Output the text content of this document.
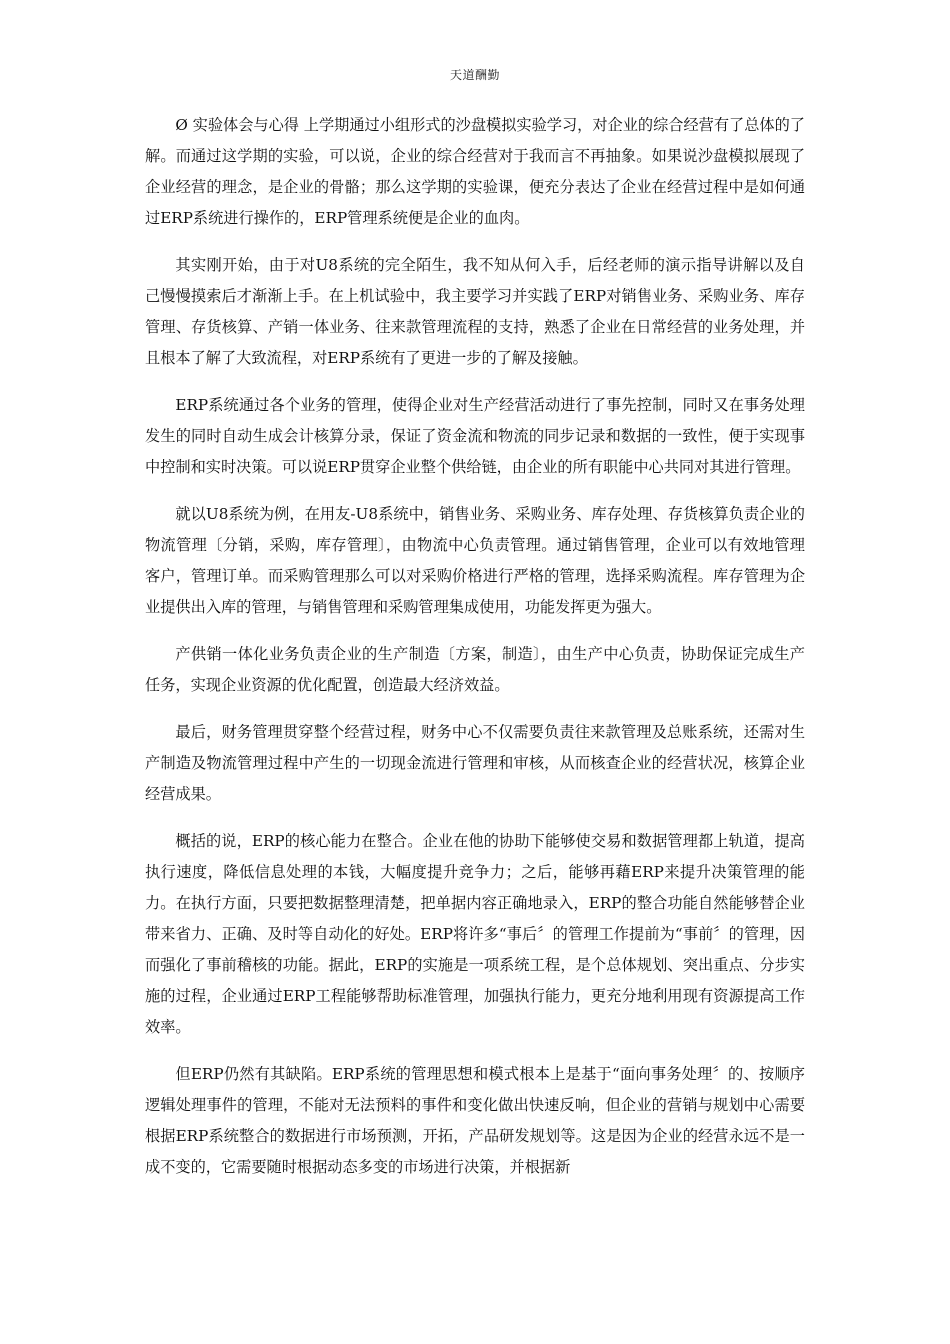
天道酬勤

Ø 实验体会与心得 上学期通过小组形式的沙盘模拟实验学习，对企业的综合经营有了总体的了解。而通过这学期的实验，可以说，企业的综合经营对于我而言不再抽象。如果说沙盘模拟展现了企业经营的理念，是企业的骨骼；那么这学期的实验课，便充分表达了企业在经营过程中是如何通过ERP系统进行操作的，ERP管理系统便是企业的血肉。

其实刚开始，由于对U8系统的完全陌生，我不知从何入手，后经老师的演示指导讲解以及自己慢慢摸索后才渐渐上手。在上机试验中，我主要学习并实践了ERP对销售业务、采购业务、库存管理、存货核算、产销一体业务、往来款管理流程的支持，熟悉了企业在日常经营的业务处理，并且根本了解了大致流程，对ERP系统有了更进一步的了解及接触。

ERP系统通过各个业务的管理，使得企业对生产经营活动进行了事先控制，同时又在事务处理发生的同时自动生成会计核算分录，保证了资金流和物流的同步记录和数据的一致性，便于实现事中控制和实时决策。可以说ERP贯穿企业整个供给链，由企业的所有职能中心共同对其进行管理。

就以U8系统为例，在用友-U8系统中，销售业务、采购业务、库存处理、存货核算负责企业的物流管理〔分销，采购，库存管理〕，由物流中心负责管理。通过销售管理，企业可以有效地管理客户，管理订单。而采购管理那么可以对采购价格进行严格的管理，选择采购流程。库存管理为企业提供出入库的管理，与销售管理和采购管理集成使用，功能发挥更为强大。

产供销一体化业务负责企业的生产制造〔方案，制造〕，由生产中心负责，协助保证完成生产任务，实现企业资源的优化配置，创造最大经济效益。

最后，财务管理贯穿整个经营过程，财务中心不仅需要负责往来款管理及总账系统，还需对生产制造及物流管理过程中产生的一切现金流进行管理和审核，从而核查企业的经营状况，核算企业经营成果。

概括的说，ERP的核心能力在整合。企业在他的协助下能够使交易和数据管理都上轨道，提高执行速度，降低信息处理的本钱，大幅度提升竞争力；之后，能够再藉ERP来提升决策管理的能力。在执行方面，只要把数据整理清楚，把单据内容正确地录入，ERP的整合功能自然能够替企业带来省力、正确、及时等自动化的好处。ERP将许多“事后〞的管理工作提前为“事前〞的管理，因而强化了事前稽核的功能。据此，ERP的实施是一项系统工程，是个总体规划、突出重点、分步实施的过程，企业通过ERP工程能够帮助标准管理，加强执行能力，更充分地利用现有资源提高工作效率。

但ERP仍然有其缺陷。ERP系统的管理思想和模式根本上是基于“面向事务处理〞的、按顺序逻辑处理事件的管理，不能对无法预料的事件和变化做出快速反响，但企业的营销与规划中心需要根据ERP系统整合的数据进行市场预测，开拓，产品研发规划等。这是因为企业的经营永远不是一成不变的，它需要随时根据动态多变的市场进行决策，并根据新
